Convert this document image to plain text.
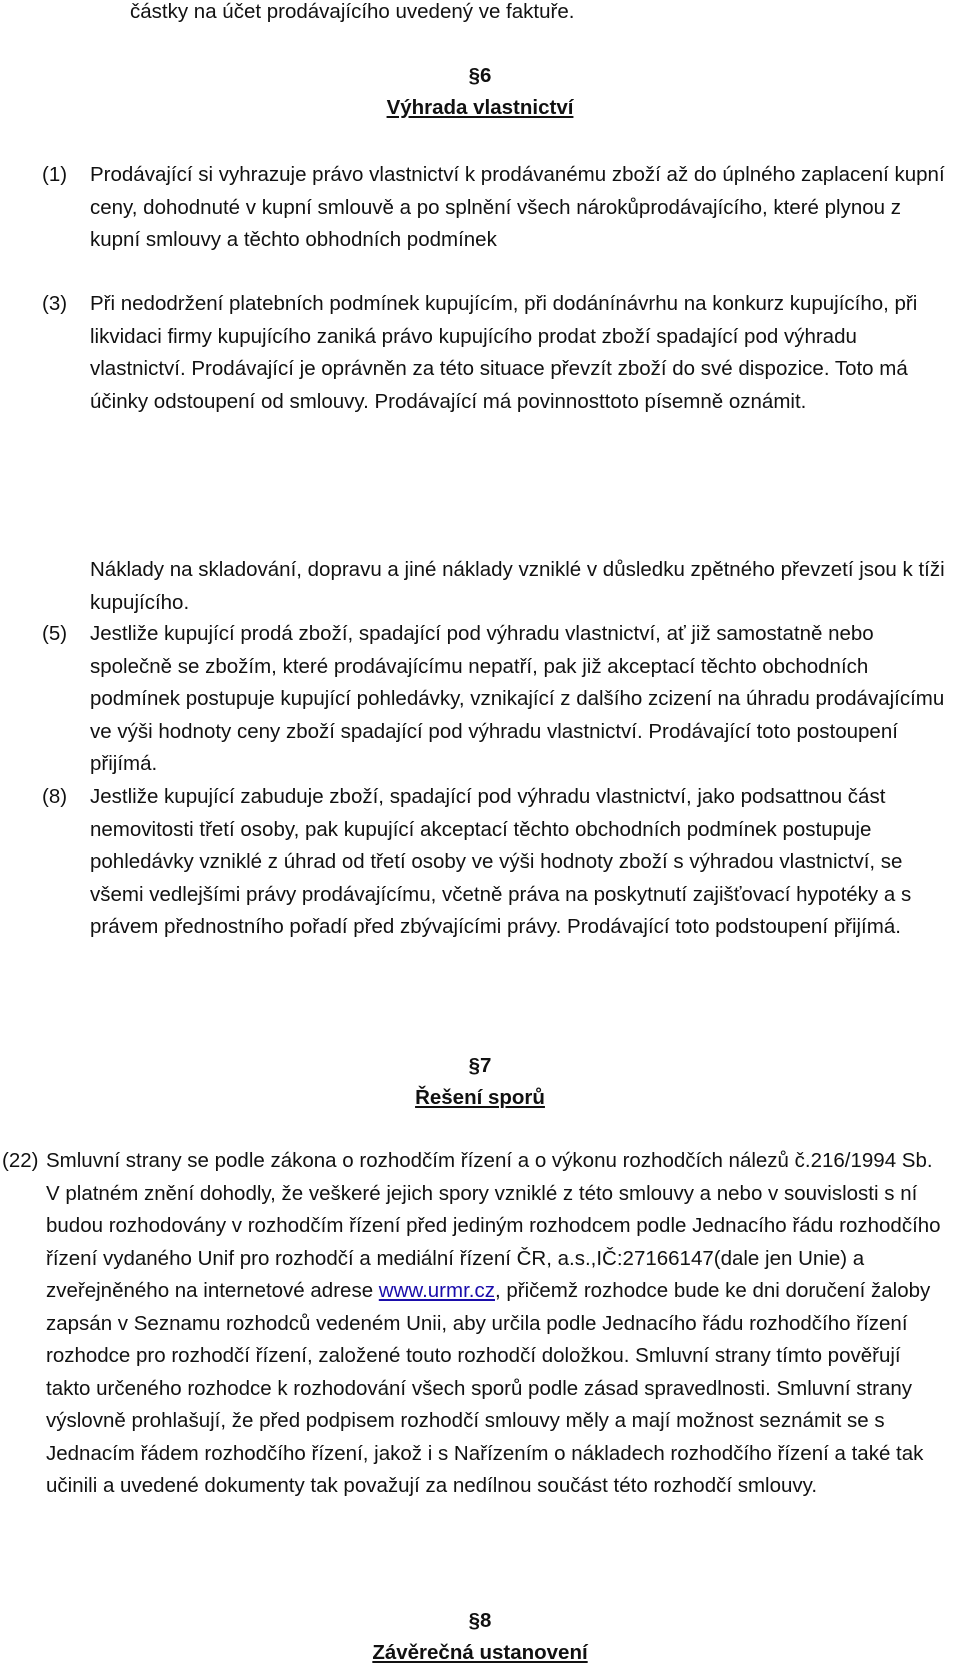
částky na účet prodávajícího uvedený ve faktuře.
§6
Výhrada vlastnictví
(1) Prodávající si vyhrazuje právo vlastnictví k prodávanému zboží až do úplného zaplacení kupní ceny, dohodnuté v kupní smlouvě a po splnění všech nárokůprodávajícího, které plynou z kupní smlouvy a těchto obhodních podmínek
(3) Při nedodržení platebních podmínek kupujícím, při dodánínávrhu na konkurz kupujícího, při likvidaci firmy kupujícího zaniká právo kupujícího prodat zboží spadající pod výhradu vlastnictví. Prodávající je oprávněn za této situace převzít zboží do své dispozice. Toto má účinky odstoupení od smlouvy. Prodávající má povinnosttoto písemně oznámit.
Náklady na skladování, dopravu a jiné náklady vzniklé v důsledku zpětného převzetí jsou k tíži kupujícího.
(5) Jestliže kupující prodá zboží, spadající pod výhradu vlastnictví, ať již samostatně nebo společně se zbožím, které prodávajícímu nepatří, pak již akceptací těchto obchodních podmínek postupuje kupující pohledávky, vznikající z dalšího zcizení na úhradu prodávajícímu ve výši hodnoty ceny zboží spadající pod výhradu vlastnictví. Prodávající toto postoupení přijímá.
(8) Jestliže kupující zabuduje zboží, spadající pod výhradu vlastnictví, jako podsattnou část nemovitosti třetí osoby, pak kupující akceptací těchto obchodních podmínek postupuje pohledávky vzniklé z úhrad od třetí osoby ve výši hodnoty zboží s výhradou vlastnictví, se všemi vedlejšími právy prodávajícímu, včetně práva na poskytnutí zajišťovací hypotéky a s právem přednostního pořadí před zbývajícími právy. Prodávající toto podstoupení přijímá.
§7
Řešení sporů
(22) Smluvní strany se podle zákona o rozhodčím řízení a o výkonu rozhodčích nálezů č.216/1994 Sb. V platném znění dohodly, že veškeré jejich spory vzniklé z této smlouvy a nebo v souvislosti s ní budou rozhodovány v rozhodčím řízení před jediným rozhodcem podle Jednacího řádu rozhodčího řízení vydaného Unif pro rozhodčí a mediální řízení ČR, a.s.,IČ:27166147(dale jen Unie) a zveřejněného na internetové adrese www.urmr.cz, přičemž rozhodce bude ke dni doručení žaloby zapsán v Seznamu rozhodců vedeném Unii, aby určila podle Jednacího řádu rozhodčího řízení rozhodce pro rozhodčí řízení, založené touto rozhodčí doložkou. Smluvní strany tímto pověřují takto určeného rozhodce k rozhodování všech sporů podle zásad spravedlnosti. Smluvní strany výslovně prohlašují, že před podpisem rozhodčí smlouvy měly a mají možnost seznámit se s Jednacím řádem rozhodčího řízení, jakož i s Nařízením o nákladech rozhodčího řízení a také tak učinili a uvedené dokumenty tak považují za nedílnou součást této rozhodčí smlouvy.
§8
Závěrečná ustanovení
